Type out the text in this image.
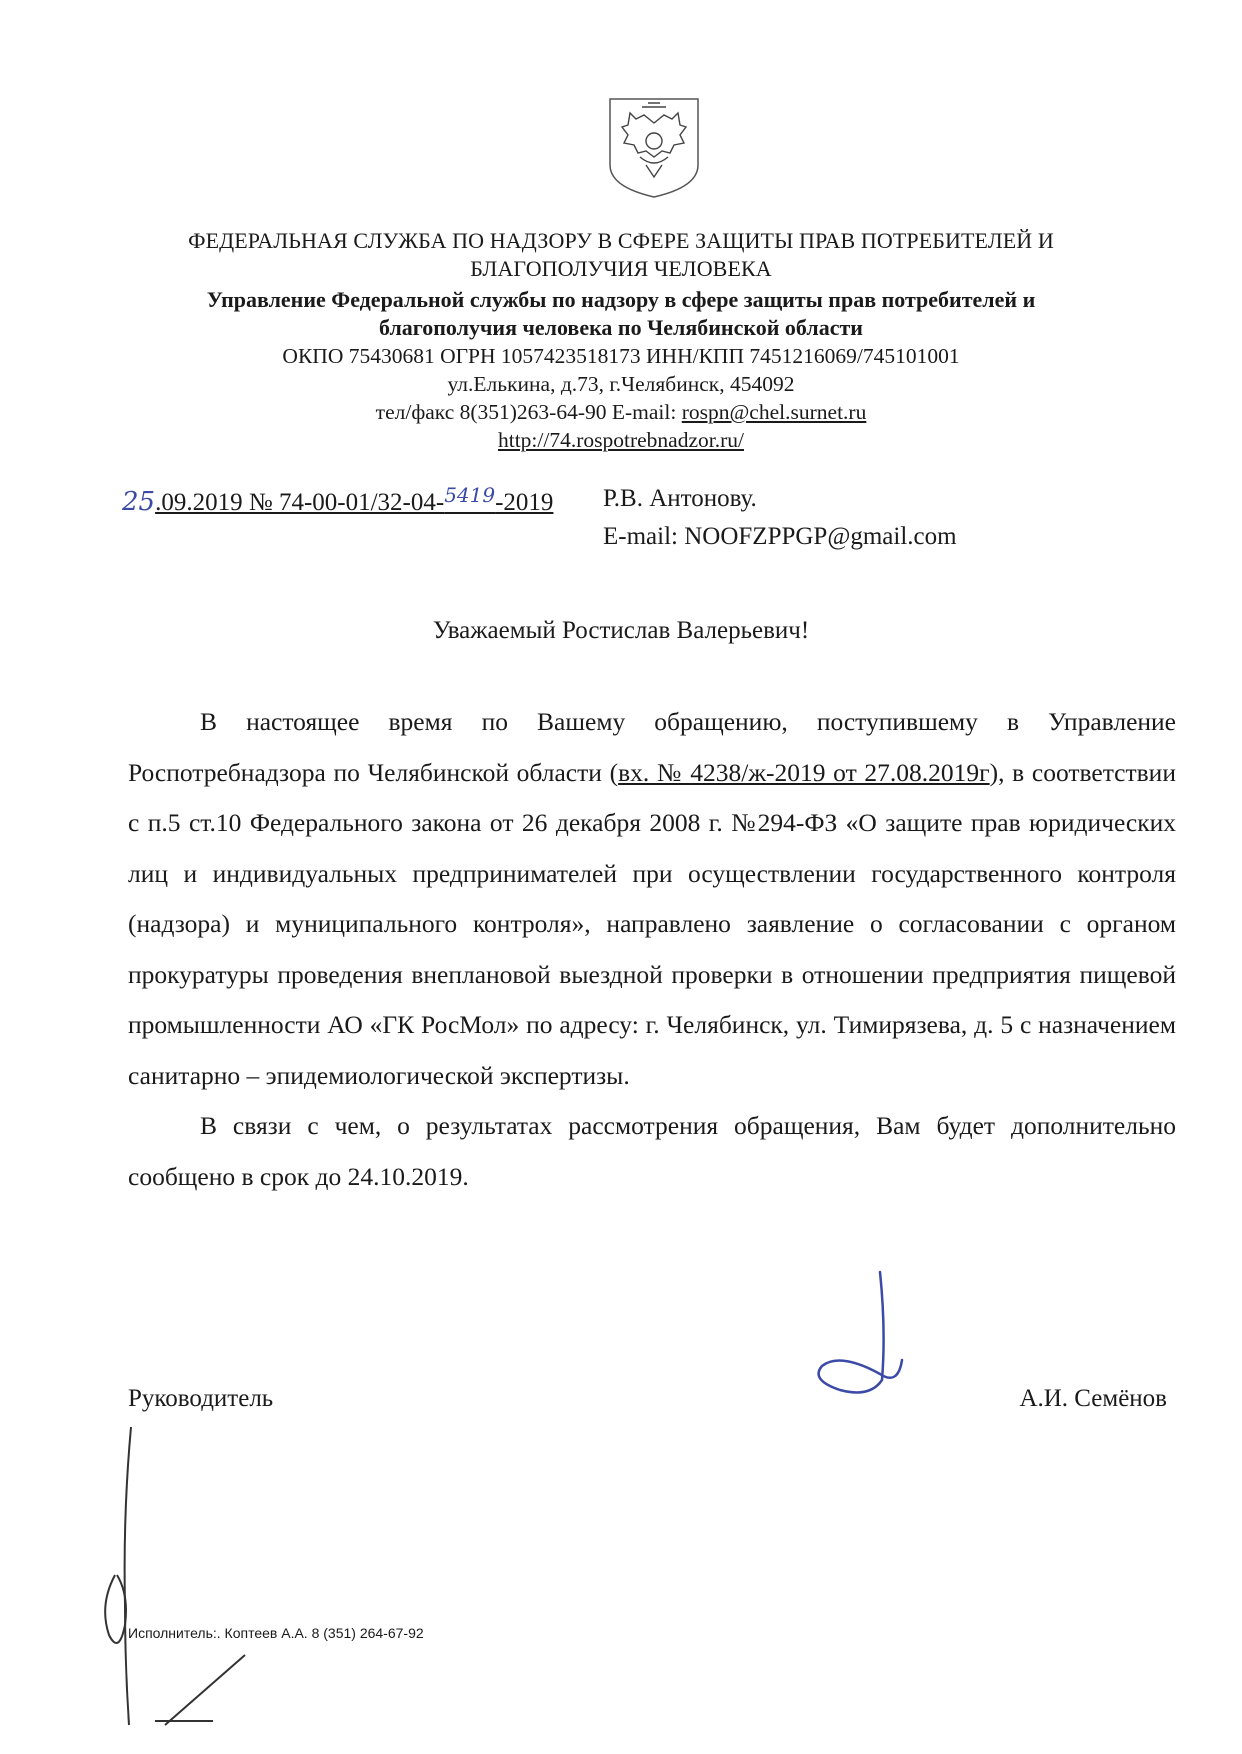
ФЕДЕРАЛЬНАЯ СЛУЖБА ПО НАДЗОРУ В СФЕРЕ ЗАЩИТЫ ПРАВ ПОТРЕБИТЕЛЕЙ И
БЛАГОПОЛУЧИЯ ЧЕЛОВЕКА
Управление Федеральной службы по надзору в сфере защиты прав потребителей и
благополучия человека по Челябинской области
ОКПО 75430681 ОГРН 1057423518173 ИНН/КПП 7451216069/745101001
ул.Елькина, д.73, г.Челябинск, 454092
тел/факс 8(351)263-64-90 E-mail: rospn@chel.surnet.ru
http://74.rospotrebnadzor.ru/
25.09.2019 № 74-00-01/32-04-$^{5419}$-2019 Р.В. Антонову.
E-mail: NOOFZPPGP@gmail.com
Уважаемый Ростислав Валерьевич!

В настоящее время по Вашему обращению, поступившему в Управление Роспотребнадзора по Челябинской области (вх. № 4238/ж-2019 от 27.08.2019г), в соответствии с п.5 ст.10 Федерального закона от 26 декабря 2008 г. №294-ФЗ «О защите прав юридических лиц и индивидуальных предпринимателей при осуществлении государственного контроля (надзора) и муниципального контроля», направлено заявление о согласовании с органом прокуратуры проведения внеплановой выездной проверки в отношении предприятия пищевой промышленности АО «ГК РосМол» по адресу: г. Челябинск, ул. Тимирязева, д. 5 с назначением санитарно – эпидемиологической экспертизы.

В связи с чем, о результатах рассмотрения обращения, Вам будет дополнительно сообщено в срок до 24.10.2019.

Руководитель	А.И. Семёнов
Исполнитель:. Коптеев А.А. 8 (351) 264-67-92
